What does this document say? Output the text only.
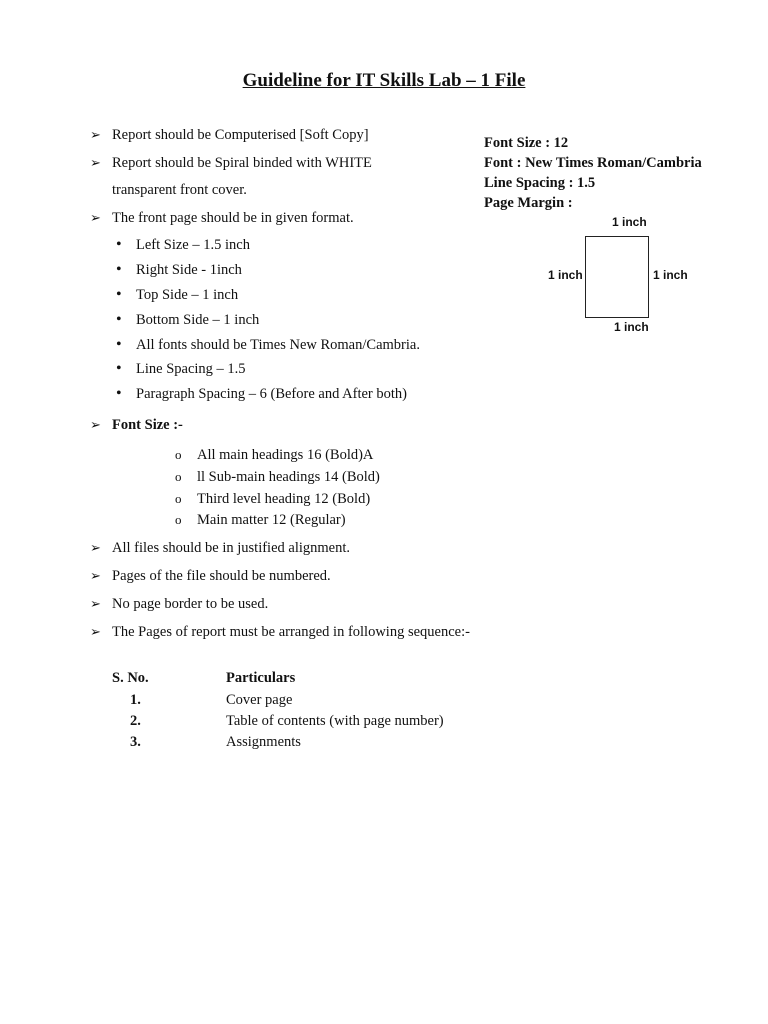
Guideline for IT Skills Lab – 1 File
Font Size : 12
Font : New Times Roman/Cambria
Line Spacing : 1.5
Page Margin :
1 inch
1 inch	1 inch
1 inch
➢ Report should be Computerised [Soft Copy]
➢ Report should be Spiral binded with WHITE
transparent front cover.
➢ The front page should be in given format.
• Left Size – 1.5 inch
• Right Side - 1inch
• Top Side – 1 inch
• Bottom Side – 1 inch
• All fonts should be Times New Roman/Cambria.
• Line Spacing – 1.5
• Paragraph Spacing – 6 (Before and After both)
➢ Font Size :-
o All main headings 16 (Bold)A
o ll Sub-main headings 14 (Bold)
o Third level heading 12 (Bold)
o Main matter 12 (Regular)
➢ All files should be in justified alignment.
➢ Pages of the file should be numbered.
➢ No page border to be used.
➢ The Pages of report must be arranged in following sequence:-
S. No.	Particulars
1.	Cover page
2.	Table of contents (with page number)
3.	Assignments
